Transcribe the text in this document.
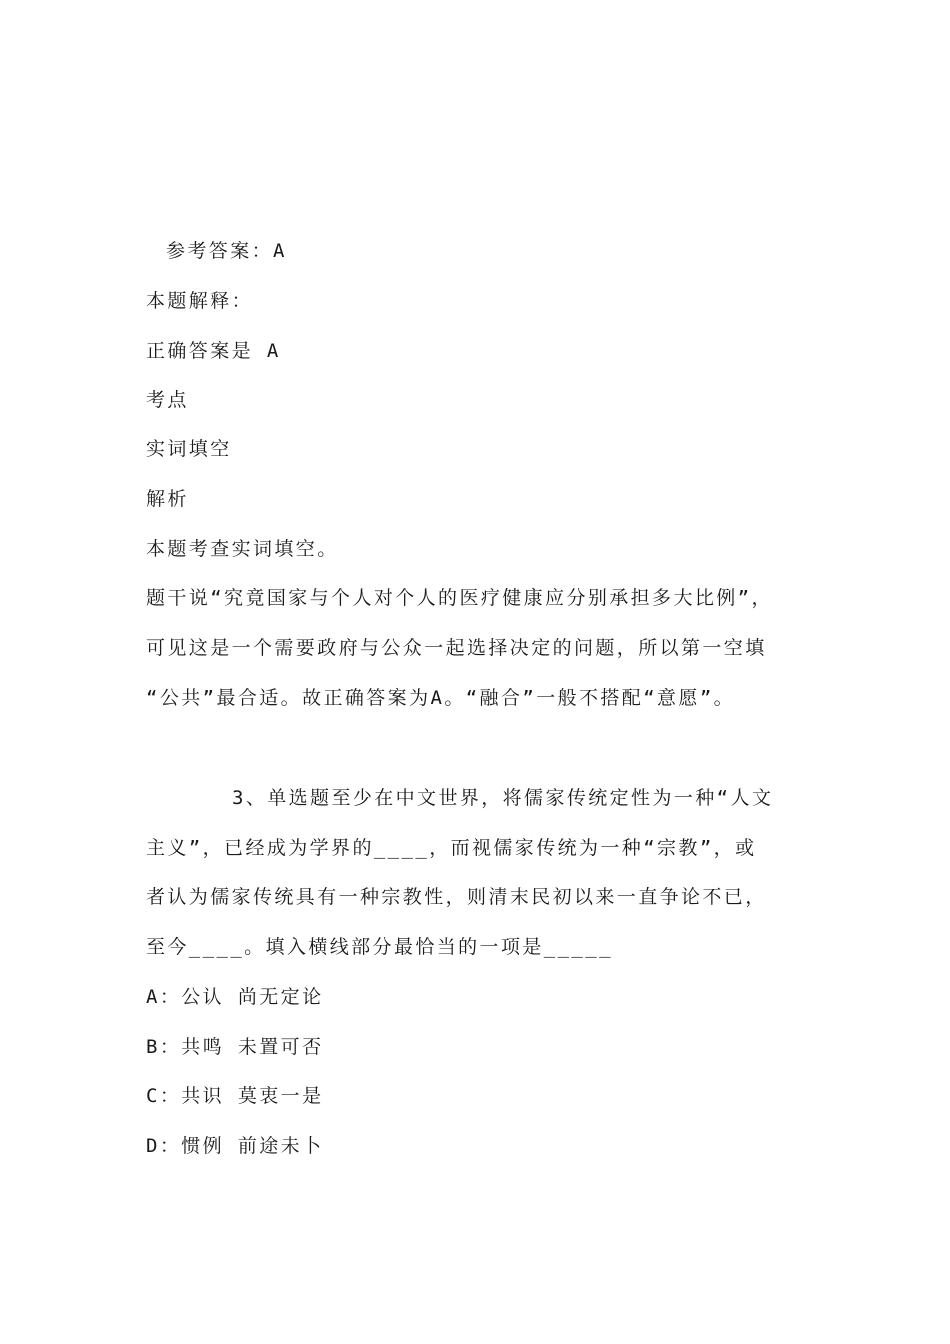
参考答案：A
本题解释：
正确答案是 A
考点
实词填空
解析
本题考查实词填空。
题干说“究竟国家与个人对个人的医疗健康应分别承担多大比例”，
可见这是一个需要政府与公众一起选择决定的问题，所以第一空填
“公共”最合适。故正确答案为A。“融合”一般不搭配“意愿”。
3、单选题至少在中文世界，将儒家传统定性为一种“人文
主义”，已经成为学界的____，而视儒家传统为一种“宗教”，或
者认为儒家传统具有一种宗教性，则清末民初以来一直争论不已，
至今____。填入横线部分最恰当的一项是_____
A：公认 尚无定论
B：共鸣 未置可否
C：共识 莫衷一是
D：惯例 前途未卜
